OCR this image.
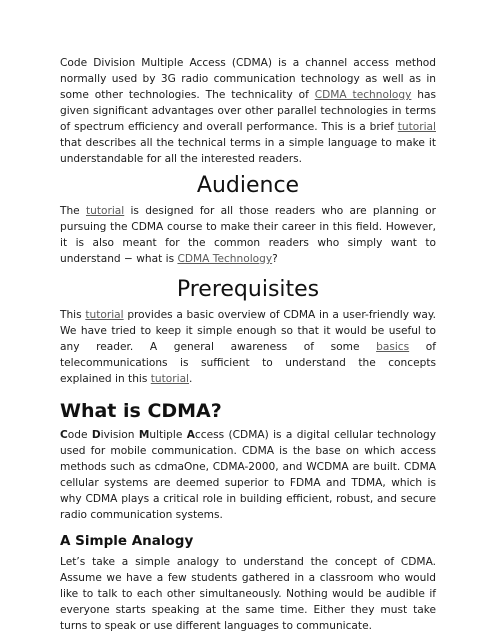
Code Division Multiple Access (CDMA) is a channel access method normally used by 3G radio communication technology as well as in some other technologies. The technicality of CDMA technology has given significant advantages over other parallel technologies in terms of spectrum efficiency and overall performance. This is a brief tutorial that describes all the technical terms in a simple language to make it understandable for all the interested readers.

Audience

The tutorial is designed for all those readers who are planning or pursuing the CDMA course to make their career in this field. However, it is also meant for the common readers who simply want to understand − what is CDMA Technology?

Prerequisites

This tutorial provides a basic overview of CDMA in a user-friendly way. We have tried to keep it simple enough so that it would be useful to any reader. A general awareness of some basics of telecommunications is sufficient to understand the concepts explained in this tutorial.

What is CDMA?

Code Division Multiple Access (CDMA) is a digital cellular technology used for mobile communication. CDMA is the base on which access methods such as cdmaOne, CDMA-2000, and WCDMA are built. CDMA cellular systems are deemed superior to FDMA and TDMA, which is why CDMA plays a critical role in building efficient, robust, and secure radio communication systems.

A Simple Analogy

Let’s take a simple analogy to understand the concept of CDMA. Assume we have a few students gathered in a classroom who would like to talk to each other simultaneously. Nothing would be audible if everyone starts speaking at the same time. Either they must take turns to speak or use different languages to communicate.
